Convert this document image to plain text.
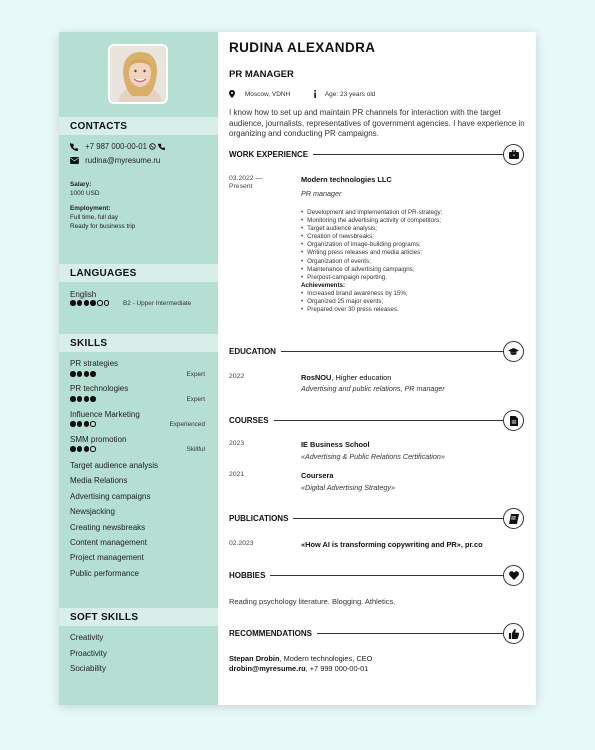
CONTACTS
+7 987 000-00-01
rudina@myresume.ru
Salary:
1000 USD
Employment:
Full time, full day
Ready for business trip
LANGUAGES
English
B2 - Upper Intermediate
SKILLS
PR strategies
Expert
PR technologies
Expert
Influence Marketing
Experienced
SMM promotion
Skillful
Target audience analysis
Media Relations
Advertising campaigns
Newsjacking
Creating newsbreaks
Content management
Project management
Public performance
SOFT SKILLS
Creativity
Proactivity
Sociability
RUDINA ALEXANDRA
PR MANAGER
Moscow, VDNH	Age: 23 years old
I know how to set up and maintain PR channels for interaction with the target audience, journalists, representatives of government agencies. I have experience in organizing and conducting PR campaigns.
WORK EXPERIENCE
03.2022 —
Present
Modern technologies LLC
PR manager
• Development and implementation of PR-strategy;
• Monitoring the advertising activity of competitors;
• Target audience analysis;
• Creation of newsbreaks;
• Organization of image-building programs;
• Writing press releases and media articles;
• Organization of events;
• Maintenance of advertising campaigns;
• Pre/post-campaign reporting.
Achievements:
• Increased brand awareness by 15%;
• Organized 25 major events;
• Prepared over 30 press releases.
EDUCATION
2022	RosNOU, Higher education
Advertising and public relations, PR manager
COURSES
2023	IE Business School
«Advertising & Public Relations Certification»
2021	Coursera
«Digital Advertising Strategy»
PUBLICATIONS
02.2023	«How AI is transforming copywriting and PR», pr.co
HOBBIES
Reading psychology literature. Blogging. Athletics.
RECOMMENDATIONS
Stepan Drobin, Modern technologies, CEO
drobin@myresume.ru, +7 999 000-00-01
